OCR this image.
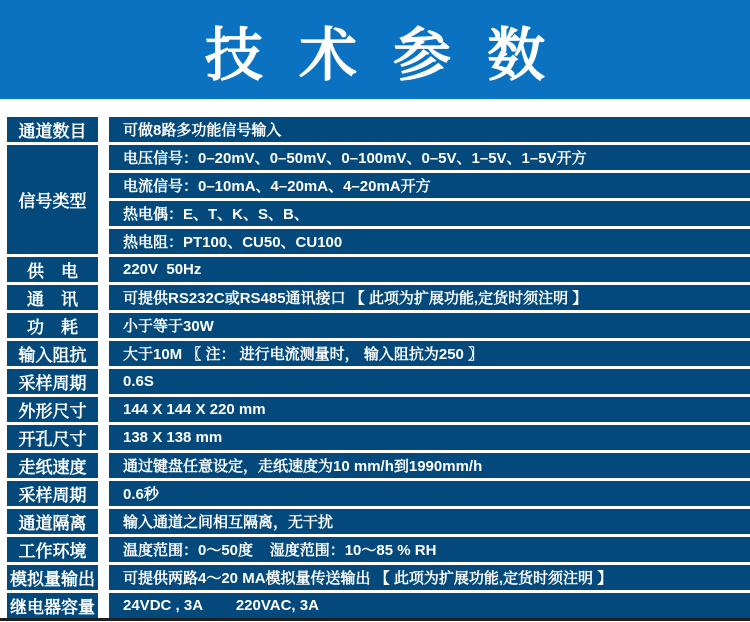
技 术 参 数
通道数目	可做8路多功能信号输入
信号类型
电压信号：0–20mV、0–50mV、0–100mV、0–5V、1–5V、1–5V开方
电流信号：0–10mA、4–20mA、4–20mA开方
热电偶：E、T、K、S、B、
热电阻：PT100、CU50、CU100
供　电	220V  50Hz
通　讯	可提供RS232C或RS485通讯接口 【 此项为扩展功能,定货时须注明 】
功　耗	小于等于30W
输入阻抗	大于10M 〖 注： 进行电流测量时， 输入阻抗为250 〗
采样周期	0.6S
外形尺寸	144 X 144 X 220 mm
开孔尺寸	138 X 138 mm
走纸速度	通过键盘任意设定，走纸速度为10 mm/h到1990mm/h
采样周期	0.6秒
通道隔离	输入通道之间相互隔离，无干扰
工作环境	温度范围：0～50度    湿度范围：10～85 % RH
模拟量输出	可提供两路4～20 MA模拟量传送输出 【 此项为扩展功能,定货时须注明 】
继电器容量	24VDC , 3A        220VAC, 3A
